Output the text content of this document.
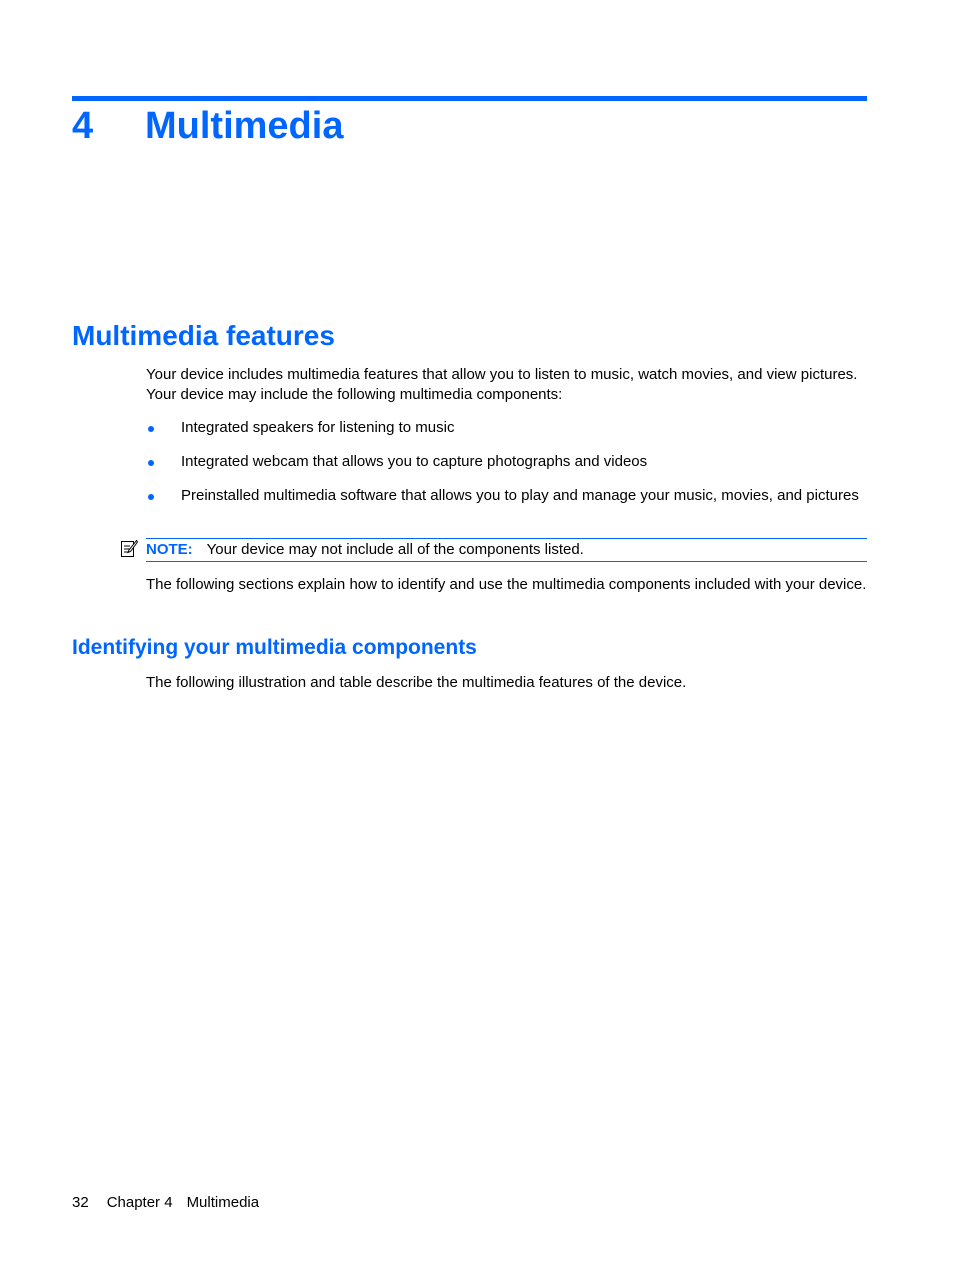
4 Multimedia
Multimedia features

Your device includes multimedia features that allow you to listen to music, watch movies, and view pictures. Your device may include the following multimedia components:

Integrated speakers for listening to music
Integrated webcam that allows you to capture photographs and videos
Preinstalled multimedia software that allows you to play and manage your music, movies, and pictures
NOTE: Your device may not include all of the components listed.

The following sections explain how to identify and use the multimedia components included with your device.

Identifying your multimedia components

The following illustration and table describe the multimedia features of the device.

32 Chapter 4 Multimedia
